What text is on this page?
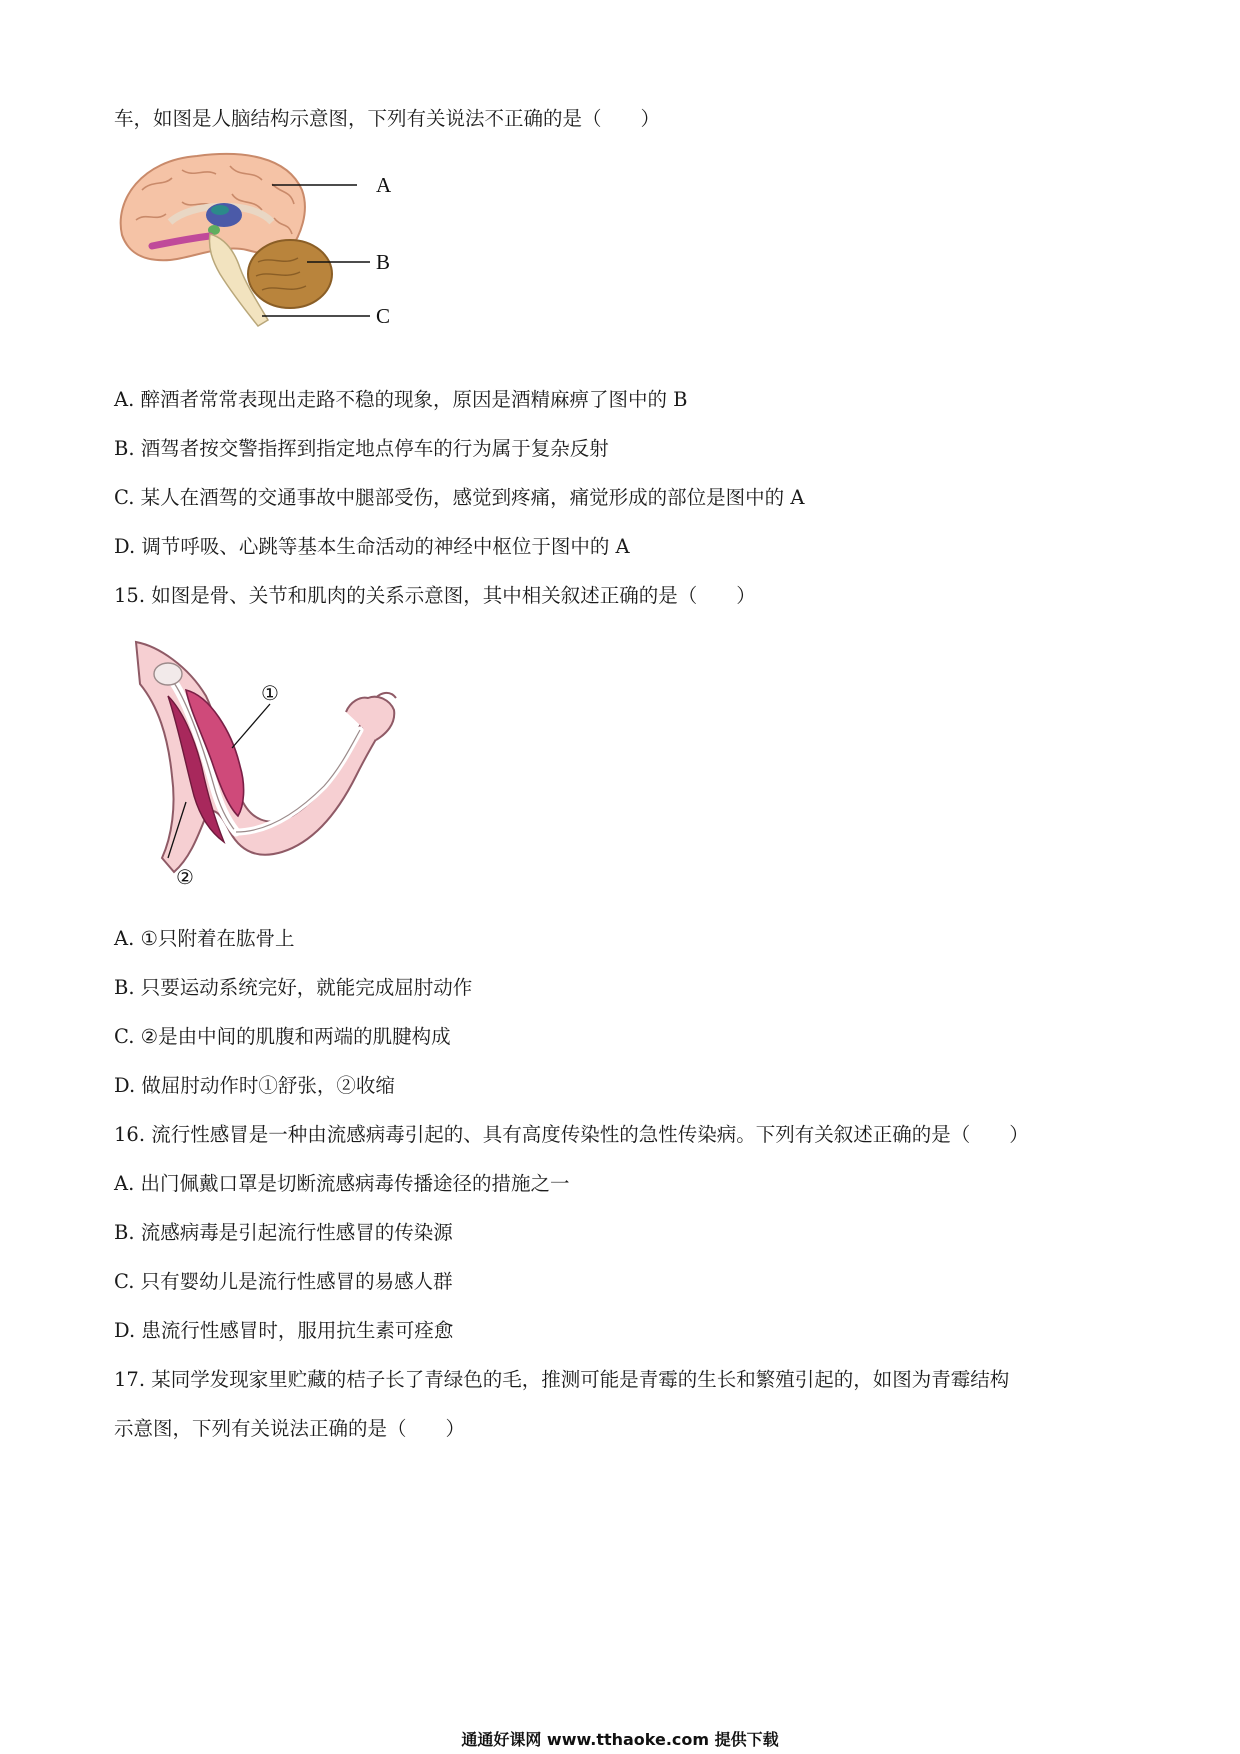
车，如图是人脑结构示意图，下列有关说法不正确的是（　　）
A
B
C
A. 醉酒者常常表现出走路不稳的现象，原因是酒精麻痹了图中的 B
B. 酒驾者按交警指挥到指定地点停车的行为属于复杂反射
C. 某人在酒驾的交通事故中腿部受伤，感觉到疼痛，痛觉形成的部位是图中的 A
D. 调节呼吸、心跳等基本生命活动的神经中枢位于图中的 A
15. 如图是骨、关节和肌肉的关系示意图，其中相关叙述正确的是（　　）
①
②
A. ①只附着在肱骨上
B. 只要运动系统完好，就能完成屈肘动作
C. ②是由中间的肌腹和两端的肌腱构成
D. 做屈肘动作时①舒张，②收缩
16. 流行性感冒是一种由流感病毒引起的、具有高度传染性的急性传染病。下列有关叙述正确的是（　　）
A. 出门佩戴口罩是切断流感病毒传播途径的措施之一
B. 流感病毒是引起流行性感冒的传染源
C. 只有婴幼儿是流行性感冒的易感人群
D. 患流行性感冒时，服用抗生素可痊愈
17. 某同学发现家里贮藏的桔子长了青绿色的毛，推测可能是青霉的生长和繁殖引起的，如图为青霉结构
示意图，下列有关说法正确的是（　　）
通通好课网 www.tthaoke.com 提供下载
